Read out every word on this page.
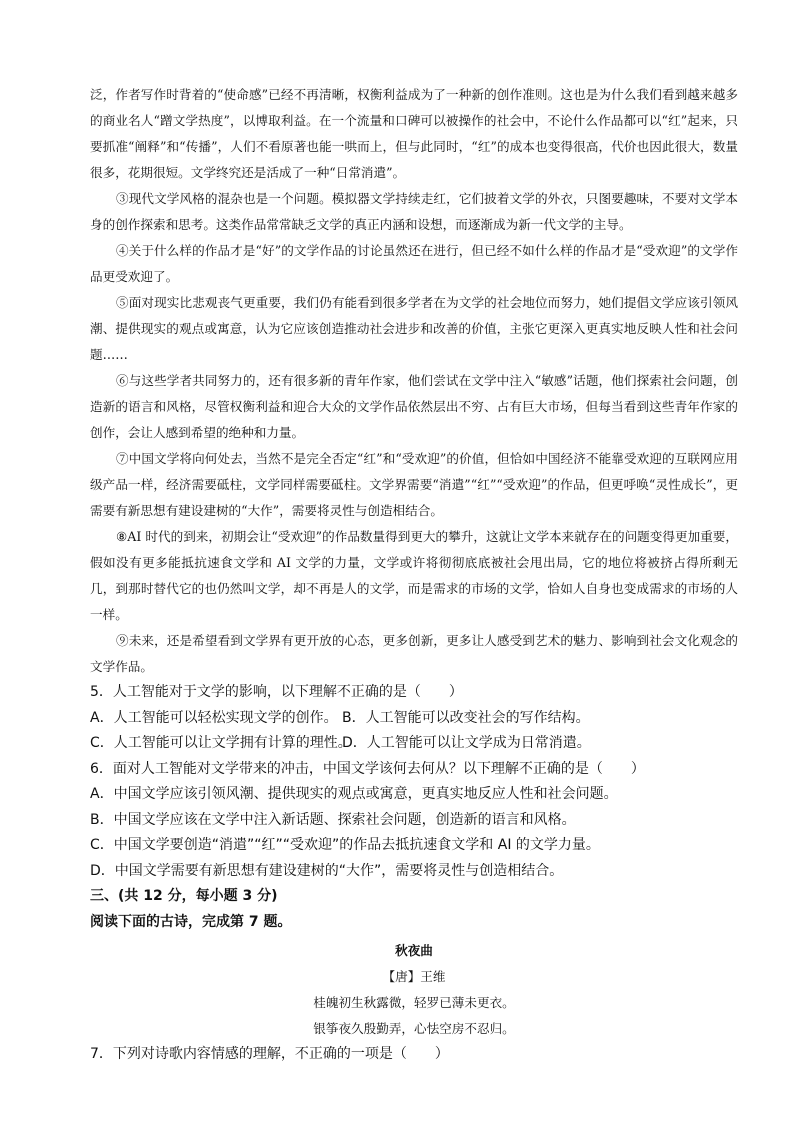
泛，作者写作时背着的“使命感”已经不再清晰，权衡利益成为了一种新的创作准则。这也是为什么我们看到越来越多的商业名人“蹭文学热度”，以博取利益。在一个流量和口碑可以被操作的社会中，不论什么作品都可以“红”起来，只要抓准“阐释”和“传播”，人们不看原著也能一哄而上，但与此同时，“红”的成本也变得很高，代价也因此很大，数量很多，花期很短。文学终究还是活成了一种“日常消遣”。

③现代文学风格的混杂也是一个问题。模拟器文学持续走红，它们披着文学的外衣，只图要趣味，不要对文学本身的创作探索和思考。这类作品常常缺乏文学的真正内涵和设想，而逐渐成为新一代文学的主导。

④关于什么样的作品才是“好”的文学作品的讨论虽然还在进行，但已经不如什么样的作品才是“受欢迎”的文学作品更受欢迎了。

⑤面对现实比悲观丧气更重要，我们仍有能看到很多学者在为文学的社会地位而努力，她们提倡文学应该引领风潮、提供现实的观点或寓意，认为它应该创造推动社会进步和改善的价值，主张它更深入更真实地反映人性和社会问题……

⑥与这些学者共同努力的，还有很多新的青年作家，他们尝试在文学中注入“敏感”话题，他们探索社会问题，创造新的语言和风格，尽管权衡利益和迎合大众的文学作品依然层出不穷、占有巨大市场，但每当看到这些青年作家的创作，会让人感到希望的绝种和力量。

⑦中国文学将向何处去，当然不是完全否定“红”和“受欢迎”的价值，但恰如中国经济不能靠受欢迎的互联网应用级产品一样，经济需要砥柱，文学同样需要砥柱。文学界需要“消遣”“红”“受欢迎”的作品，但更呼唤“灵性成长”，更需要有新思想有建设建树的“大作”，需要将灵性与创造相结合。

⑧AI 时代的到来，初期会让“受欢迎”的作品数量得到更大的攀升，这就让文学本来就存在的问题变得更加重要，假如没有更多能抵抗速食文学和 AI 文学的力量，文学或许将彻彻底底被社会甩出局，它的地位将被挤占得所剩无几，到那时替代它的也仍然叫文学，却不再是人的文学，而是需求的市场的文学，恰如人自身也变成需求的市场的人一样。

⑨未来，还是希望看到文学界有更开放的心态，更多创新，更多让人感受到艺术的魅力、影响到社会文化观念的文学作品。

5．人工智能对于文学的影响，以下理解不正确的是（　　）

A．人工智能可以轻松实现文学的创作。 B．人工智能可以改变社会的写作结构。
C．人工智能可以让文学拥有计算的理性。
D．人工智能可以让文学成为日常消遣。

6．面对人工智能对文学带来的冲击，中国文学该何去何从？以下理解不正确的是（　　）

A．中国文学应该引领风潮、提供现实的观点或寓意，更真实地反应人性和社会问题。

B．中国文学应该在文学中注入新话题、探索社会问题，创造新的语言和风格。

C．中国文学要创造“消遣”“红”“受欢迎”的作品去抵抗速食文学和 AI 的文学力量。

D．中国文学需要有新思想有建设建树的“大作”，需要将灵性与创造相结合。

三、(共 12 分，每小题 3 分)

阅读下面的古诗，完成第 7 题。

秋夜曲

【唐】王维

桂魄初生秋露微，轻罗已薄未更衣。

银筝夜久殷勤弄，心怯空房不忍归。

7．下列对诗歌内容情感的理解，不正确的一项是（　　）
